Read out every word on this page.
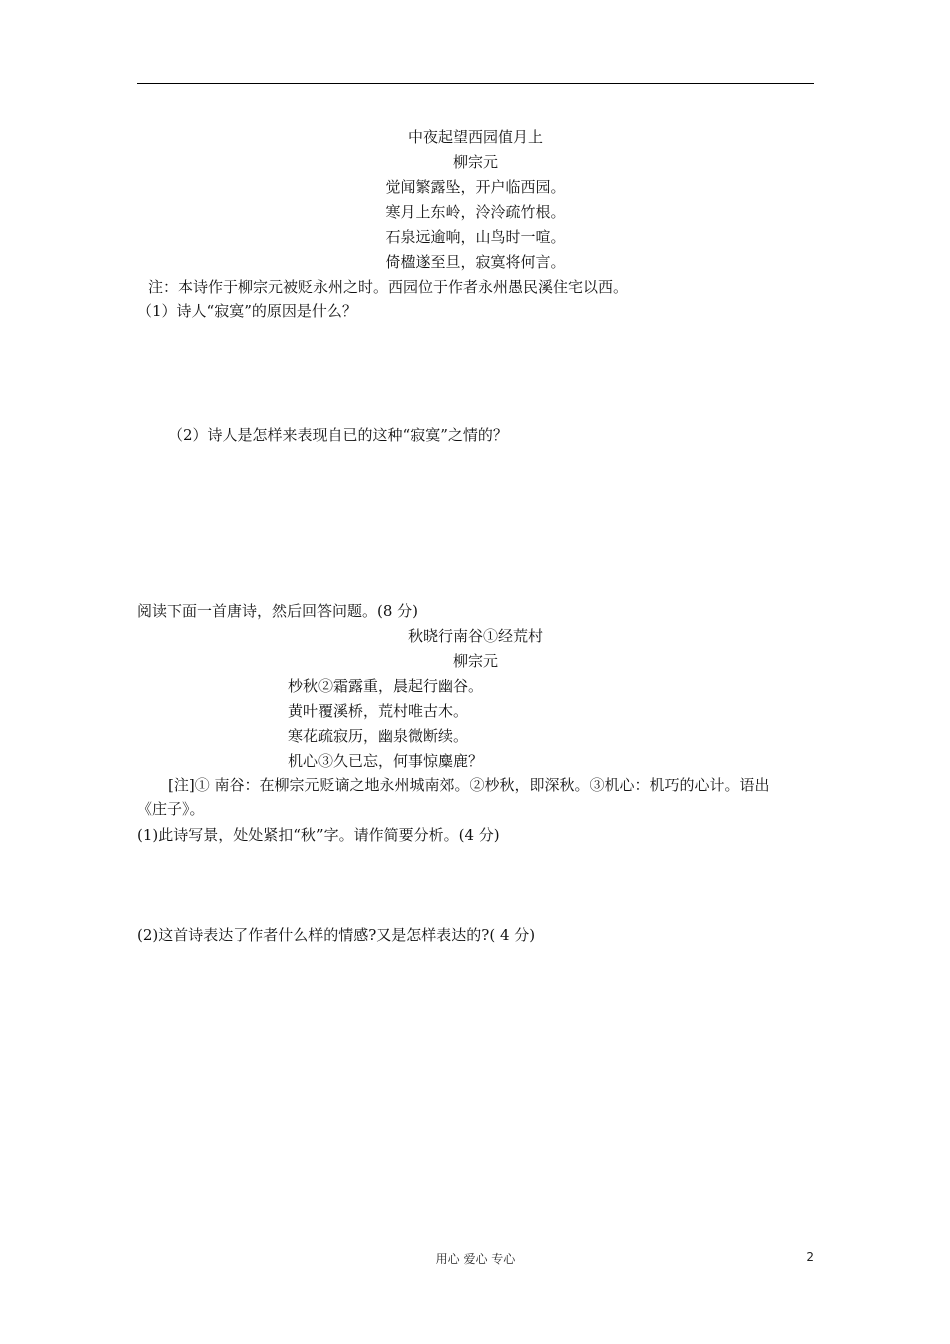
中夜起望西园值月上
柳宗元
觉闻繁露坠，开户临西园。
寒月上东岭，泠泠疏竹根。
石泉远逾响，山鸟时一喧。
倚楹遂至旦，寂寞将何言。
注：本诗作于柳宗元被贬永州之时。西园位于作者永州愚民溪住宅以西。
（1）诗人“寂寞”的原因是什么？
（2）诗人是怎样来表现自已的这种“寂寞”之情的？
阅读下面一首唐诗，然后回答问题。(8 分)
秋晓行南谷①经荒村
柳宗元
杪秋②霜露重，晨起行幽谷。
黄叶覆溪桥，荒村唯古木。
寒花疏寂历，幽泉微断续。
机心③久已忘，何事惊麋鹿？
[注]① 南谷：在柳宗元贬谪之地永州城南郊。②杪秋，即深秋。③机心：机巧的心计。语出
《庄子》。
(1)此诗写景，处处紧扣“秋”字。请作简要分析。(4 分)
(2)这首诗表达了作者什么样的情感?又是怎样表达的?( 4 分)
用心 爱心 专心	2
